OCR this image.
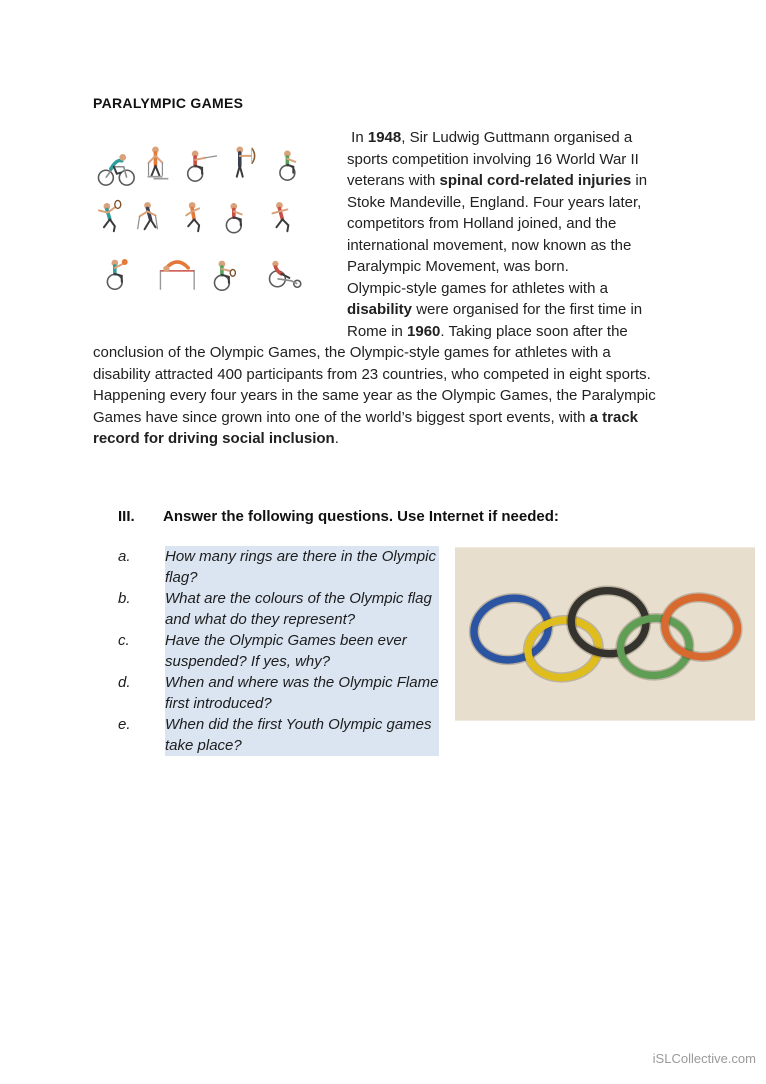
PARALYMPIC GAMES

In 1948, Sir Ludwig Guttmann organised a sports competition involving 16 World War II veterans with spinal cord-related injuries in Stoke Mandeville, England. Four years later, competitors from Holland joined, and the international movement, now known as the Paralympic Movement, was born.

Olympic-style games for athletes with a disability were organised for the first time in Rome in 1960. Taking place soon after the conclusion of the Olympic Games, the Olympic-style games for athletes with a disability attracted 400 participants from 23 countries, who competed in eight sports.

Happening every four years in the same year as the Olympic Games, the Paralympic Games have since grown into one of the world’s biggest sport events, with a track record for driving social inclusion.

III.	Answer the following questions. Use Internet if needed:
a.	How many rings are there in the Olympic flag?
b.	What are the colours of the Olympic flag and what do they represent?
c.	Have the Olympic Games been ever suspended? If yes, why?
d.	When and where was the Olympic Flame first introduced?
e.	When did the first Youth Olympic games take place?
iSLCollective.com
